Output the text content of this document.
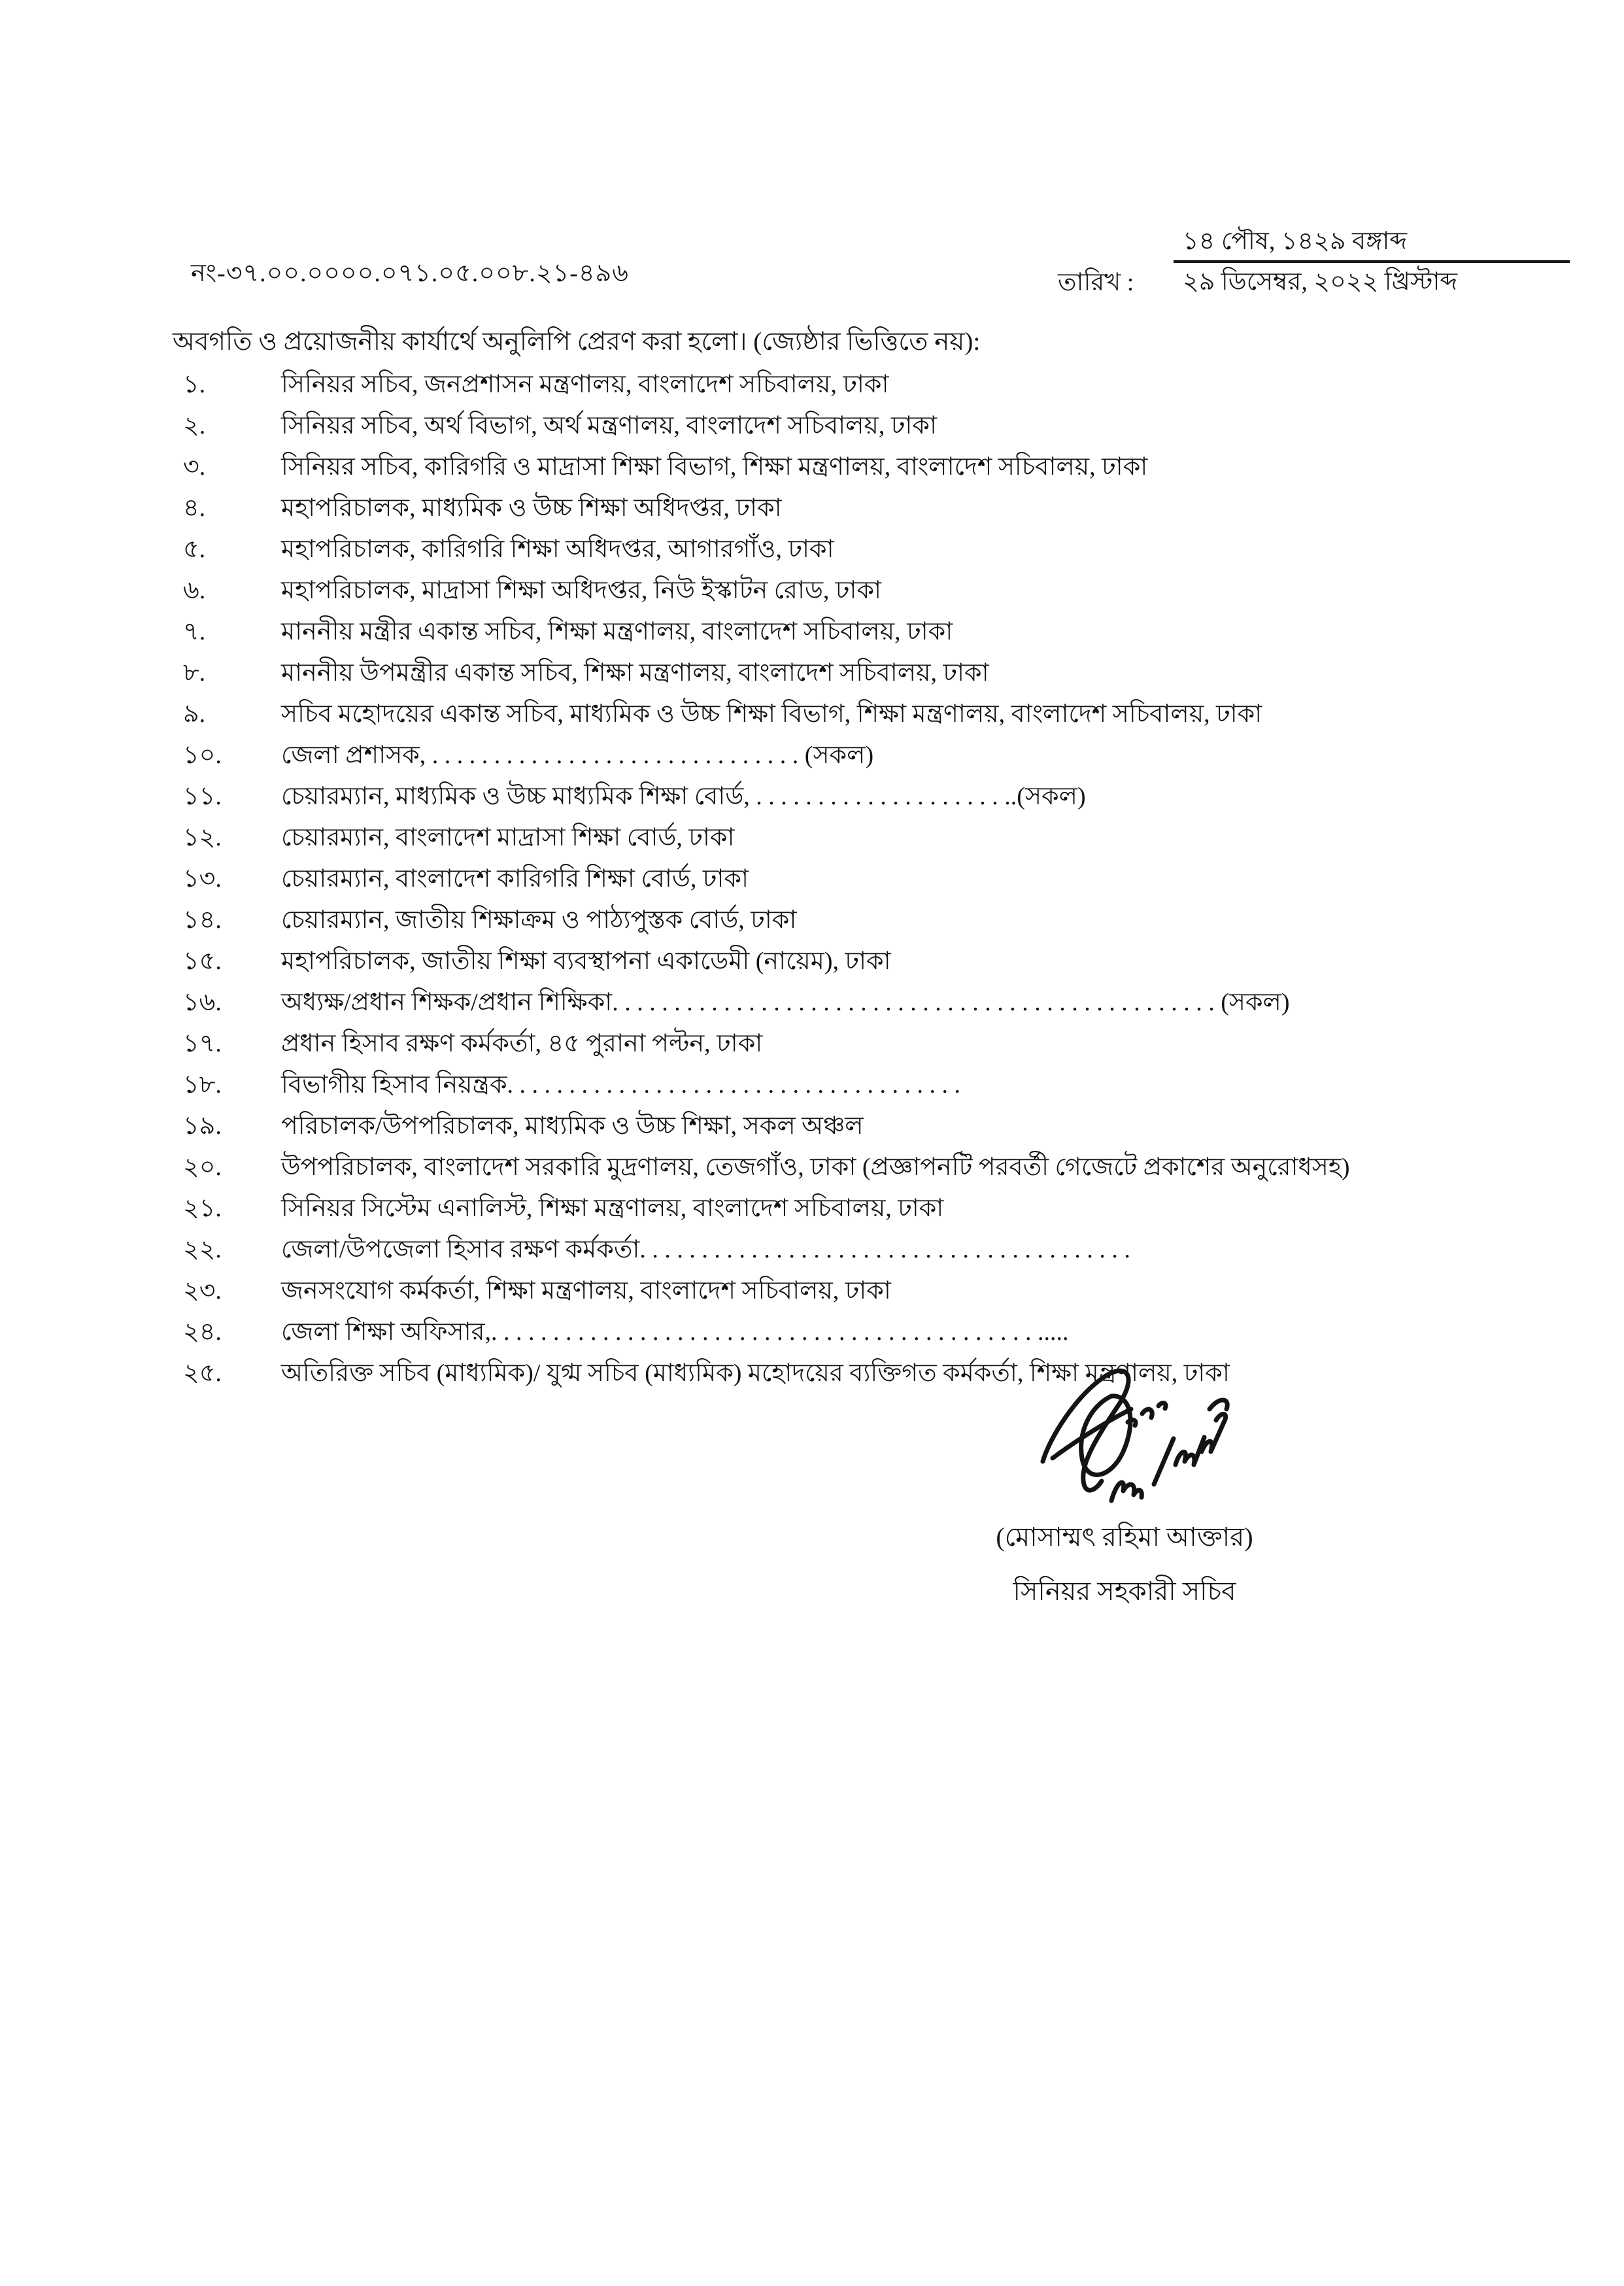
নং-৩৭.০০.০০০০.০৭১.০৫.০০৮.২১-৪৯৬	তারিখ :
১৪ পৌষ, ১৪২৯ বঙ্গাব্দ
২৯ ডিসেম্বর, ২০২২ খ্রিস্টাব্দ
অবগতি ও প্রয়োজনীয় কার্যার্থে অনুলিপি প্রেরণ করা হলো। (জ্যেষ্ঠার ভিত্তিতে নয়):
১.	সিনিয়র সচিব, জনপ্রশাসন মন্ত্রণালয়, বাংলাদেশ সচিবালয়, ঢাকা
২.	সিনিয়র সচিব, অর্থ বিভাগ, অর্থ মন্ত্রণালয়, বাংলাদেশ সচিবালয়, ঢাকা
৩.	সিনিয়র সচিব, কারিগরি ও মাদ্রাসা শিক্ষা বিভাগ, শিক্ষা মন্ত্রণালয়, বাংলাদেশ সচিবালয়, ঢাকা
৪.	মহাপরিচালক, মাধ্যমিক ও উচ্চ শিক্ষা অধিদপ্তর, ঢাকা
৫.	মহাপরিচালক, কারিগরি শিক্ষা অধিদপ্তর, আগারগাঁও, ঢাকা
৬.	মহাপরিচালক, মাদ্রাসা শিক্ষা অধিদপ্তর, নিউ ইস্কাটন রোড, ঢাকা
৭.	মাননীয় মন্ত্রীর একান্ত সচিব, শিক্ষা মন্ত্রণালয়, বাংলাদেশ সচিবালয়, ঢাকা
৮.	মাননীয় উপমন্ত্রীর একান্ত সচিব, শিক্ষা মন্ত্রণালয়, বাংলাদেশ সচিবালয়, ঢাকা
৯.	সচিব মহোদয়ের একান্ত সচিব, মাধ্যমিক ও উচ্চ শিক্ষা বিভাগ, শিক্ষা মন্ত্রণালয়, বাংলাদেশ সচিবালয়, ঢাকা
১০.	জেলা প্রশাসক, . . . . . . . . . . . . . . . . . . . . . . . . . . . . . . (সকল)
১১.	চেয়ারম্যান, মাধ্যমিক ও উচ্চ মাধ্যমিক শিক্ষা বোর্ড, . . . . . . . . . . . . . . . . . . . . ..(সকল)
১২.	চেয়ারম্যান, বাংলাদেশ মাদ্রাসা শিক্ষা বোর্ড, ঢাকা
১৩.	চেয়ারম্যান, বাংলাদেশ কারিগরি শিক্ষা বোর্ড, ঢাকা
১৪.	চেয়ারম্যান, জাতীয় শিক্ষাক্রম ও পাঠ্যপুস্তক বোর্ড, ঢাকা
১৫.	মহাপরিচালক, জাতীয় শিক্ষা ব্যবস্থাপনা একাডেমী (নায়েম), ঢাকা
১৬.	অধ্যক্ষ/প্রধান শিক্ষক/প্রধান শিক্ষিকা. . . . . . . . . . . . . . . . . . . . . . . . . . . . . . . . . . . . . . . . . . . . . . . . . (সকল)
১৭.	প্রধান হিসাব রক্ষণ কর্মকর্তা, ৪৫ পুরানা পল্টন, ঢাকা
১৮.	বিভাগীয় হিসাব নিয়ন্ত্রক. . . . . . . . . . . . . . . . . . . . . . . . . . . . . . . . . . . . .
১৯.	পরিচালক/উপপরিচালক, মাধ্যমিক ও উচ্চ শিক্ষা, সকল অঞ্চল
২০.	উপপরিচালক, বাংলাদেশ সরকারি মুদ্রণালয়, তেজগাঁও, ঢাকা (প্রজ্ঞাপনটি পরবর্তী গেজেটে প্রকাশের অনুরোধসহ)
২১.	সিনিয়র সিস্টেম এনালিস্ট, শিক্ষা মন্ত্রণালয়, বাংলাদেশ সচিবালয়, ঢাকা
২২.	জেলা/উপজেলা হিসাব রক্ষণ কর্মকর্তা. . . . . . . . . . . . . . . . . . . . . . . . . . . . . . . . . . . . . . . .
২৩.	জনসংযোগ কর্মকর্তা, শিক্ষা মন্ত্রণালয়, বাংলাদেশ সচিবালয়, ঢাকা
২৪.	জেলা শিক্ষা অফিসার,. . . . . . . . . . . . . . . . . . . . . . . . . . . . . . . . . . . . . . . . . . . . .....
২৫.	অতিরিক্ত সচিব (মাধ্যমিক)/ যুগ্ম সচিব (মাধ্যমিক) মহোদয়ের ব্যক্তিগত কর্মকর্তা, শিক্ষা মন্ত্রণালয়, ঢাকা
(মোসাম্মৎ রহিমা আক্তার)
সিনিয়র সহকারী সচিব
